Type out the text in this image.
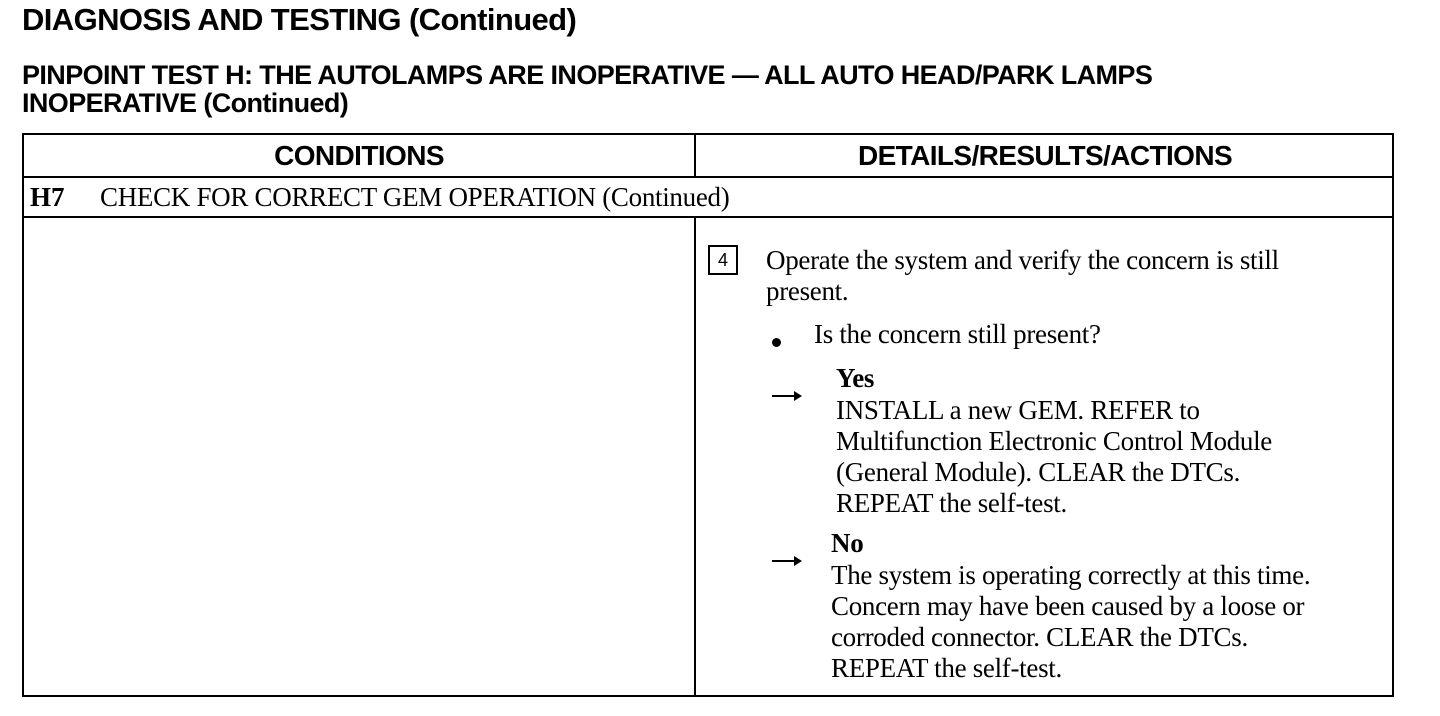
DIAGNOSIS AND TESTING (Continued)
PINPOINT TEST H: THE AUTOLAMPS ARE INOPERATIVE — ALL AUTO HEAD/PARK LAMPS
INOPERATIVE (Continued)
CONDITIONS	DETAILS/RESULTS/ACTIONS
H7 CHECK FOR CORRECT GEM OPERATION (Continued)
4	Operate the system and verify the concern is still
present.
Is the concern still present?
Yes
INSTALL a new GEM. REFER to
Multifunction Electronic Control Module
(General Module). CLEAR the DTCs.
REPEAT the self-test.
No
The system is operating correctly at this time.
Concern may have been caused by a loose or
corroded connector. CLEAR the DTCs.
REPEAT the self-test.
